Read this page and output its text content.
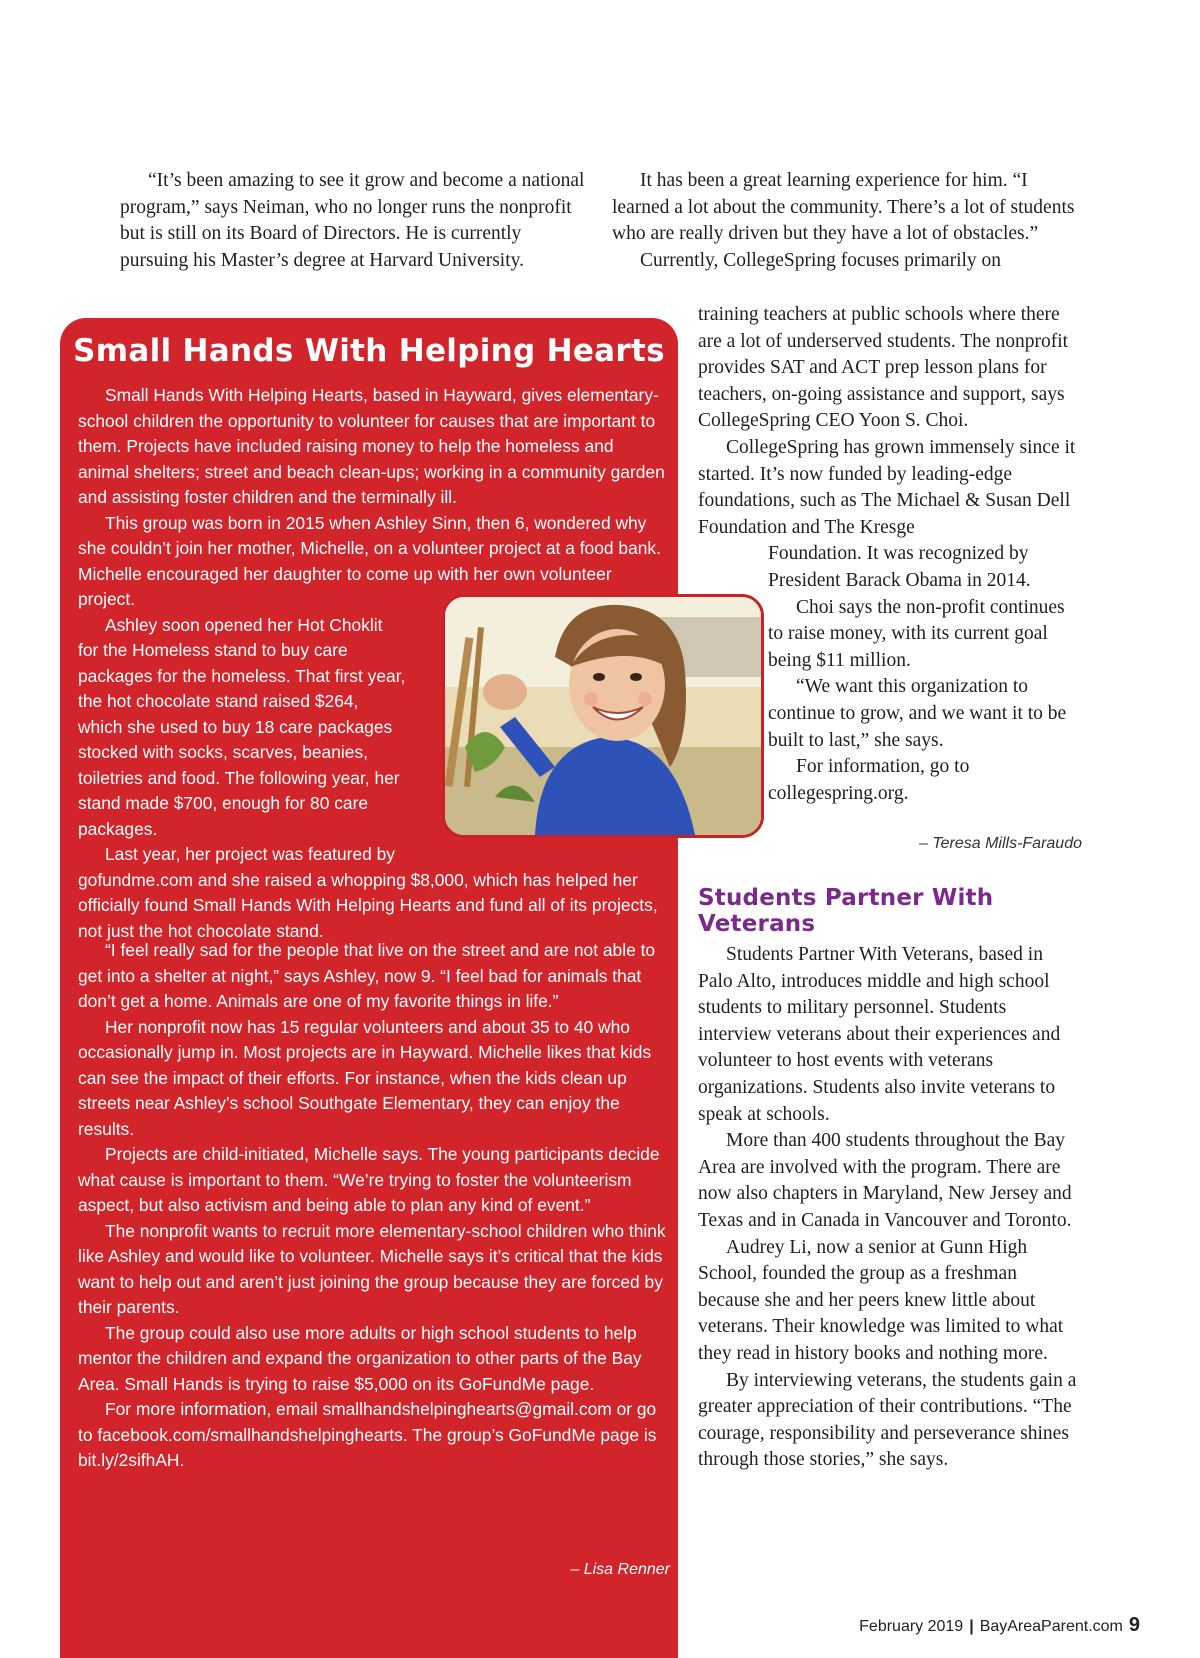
“It’s been amazing to see it grow and become a national program,” says Neiman, who no longer runs the nonprofit but is still on its Board of Directors. He is currently pursuing his Master’s degree at Harvard University.

It has been a great learning experience for him. “I learned a lot about the community. There’s a lot of students who are really driven but they have a lot of obstacles.”

Currently, CollegeSpring focuses primarily on

training teachers at public schools where there are a lot of underserved students. The nonprofit provides SAT and ACT prep lesson plans for teachers, on-going assistance and support, says CollegeSpring CEO Yoon S. Choi.

CollegeSpring has grown immensely since it started. It’s now funded by leading-edge foundations, such as The Michael & Susan Dell Foundation and The Kresge

Foundation. It was recognized by President Barack Obama in 2014.

Choi says the non-profit continues to raise money, with its current goal being $11 million.

“We want this organization to continue to grow, and we want it to be built to last,” she says.

For information, go to collegespring.org.

– Teresa Mills-Faraudo
Students Partner With Veterans

Students Partner With Veterans, based in Palo Alto, introduces middle and high school students to military personnel. Students interview veterans about their experiences and volunteer to host events with veterans organizations. Students also invite veterans to speak at schools.

More than 400 students throughout the Bay Area are involved with the program. There are now also chapters in Maryland, New Jersey and Texas and in Canada in Vancouver and Toronto.

Audrey Li, now a senior at Gunn High School, founded the group as a freshman because she and her peers knew little about veterans. Their knowledge was limited to what they read in history books and nothing more.

By interviewing veterans, the students gain a greater appreciation of their contributions. “The courage, responsibility and perseverance shines through those stories,” she says.

Small Hands With Helping Hearts

Small Hands With Helping Hearts, based in Hayward, gives elementary-school children the opportunity to volunteer for causes that are important to them. Projects have included raising money to help the homeless and animal shelters; street and beach clean-ups; working in a community garden and assisting foster children and the terminally ill.

This group was born in 2015 when Ashley Sinn, then 6, wondered why she couldn’t join her mother, Michelle, on a volunteer project at a food bank. Michelle encouraged her daughter to come up with her own volunteer project.

Ashley soon opened her Hot Choklit for the Homeless stand to buy care packages for the homeless. That first year, the hot chocolate stand raised $264, which she used to buy 18 care packages stocked with socks, scarves, beanies, toiletries and food. The following year, her stand made $700, enough for 80 care packages.

Last year, her project was featured by gofundme.com and she raised a whopping $8,000, which has helped her officially found Small Hands With Helping Hearts and fund all of its projects, not just the hot chocolate stand.

“I feel really sad for the people that live on the street and are not able to get into a shelter at night,” says Ashley, now 9. “I feel bad for animals that don’t get a home. Animals are one of my favorite things in life.”

Her nonprofit now has 15 regular volunteers and about 35 to 40 who occasionally jump in. Most projects are in Hayward. Michelle likes that kids can see the impact of their efforts. For instance, when the kids clean up streets near Ashley’s school Southgate Elementary, they can enjoy the results.

Projects are child-initiated, Michelle says. The young participants decide what cause is important to them. “We’re trying to foster the volunteerism aspect, but also activism and being able to plan any kind of event.”

The nonprofit wants to recruit more elementary-school children who think like Ashley and would like to volunteer. Michelle says it’s critical that the kids want to help out and aren’t just joining the group because they are forced by their parents.

The group could also use more adults or high school students to help mentor the children and expand the organization to other parts of the Bay Area. Small Hands is trying to raise $5,000 on its GoFundMe page.

For more information, email smallhandshelpinghearts@gmail.com or go to facebook.com/smallhandshelpinghearts. The group’s GoFundMe page is bit.ly/2sifhAH.

– Lisa Renner
February 2019 | BayAreaParent.com 9
